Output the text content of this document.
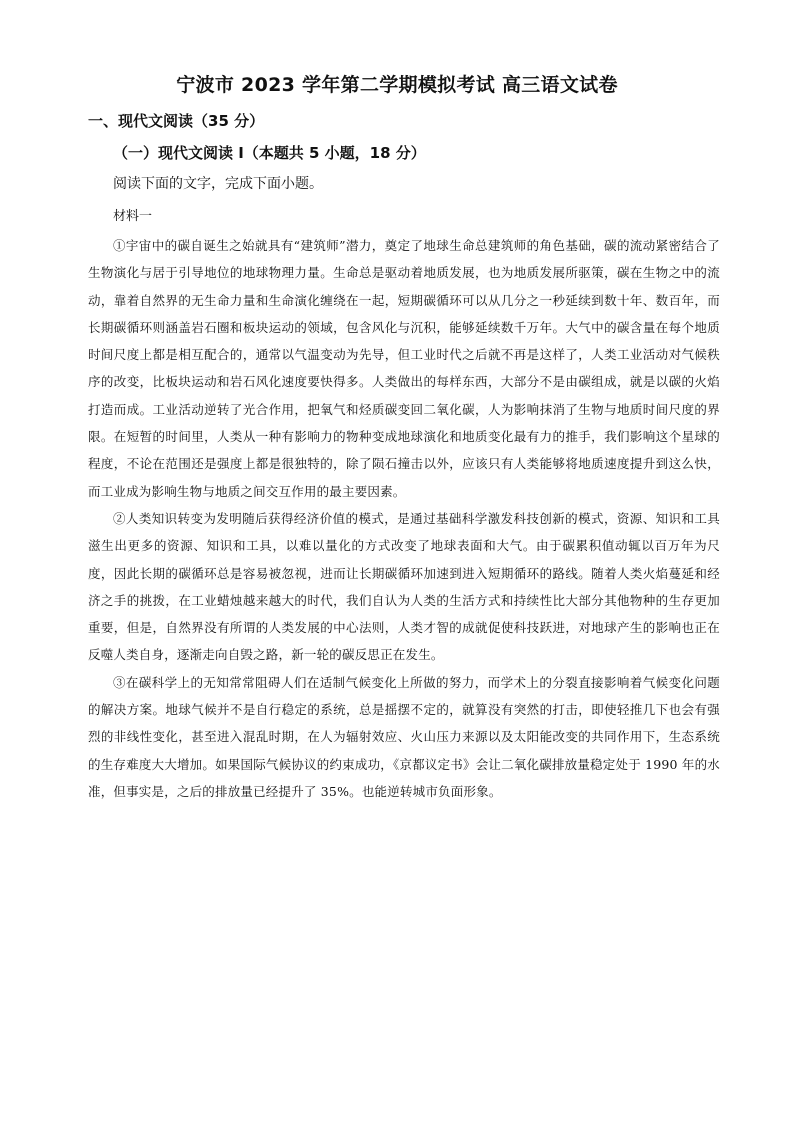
宁波市 2023 学年第二学期模拟考试 高三语文试卷
一、现代文阅读（35 分）
（一）现代文阅读 I（本题共 5 小题，18 分）
阅读下面的文字，完成下面小题。
材料一

①宇宙中的碳自诞生之始就具有“建筑师”潜力，奠定了地球生命总建筑师的角色基础，碳的流动紧密结合了生物演化与居于引导地位的地球物理力量。生命总是驱动着地质发展，也为地质发展所驱策，碳在生物之中的流动，靠着自然界的无生命力量和生命演化缠绕在一起，短期碳循环可以从几分之一秒延续到数十年、数百年，而长期碳循环则涵盖岩石圈和板块运动的领域，包含风化与沉积，能够延续数千万年。大气中的碳含量在每个地质时间尺度上都是相互配合的，通常以气温变动为先导，但工业时代之后就不再是这样了，人类工业活动对气候秩序的改变，比板块运动和岩石风化速度要快得多。人类做出的每样东西，大部分不是由碳组成，就是以碳的火焰打造而成。工业活动逆转了光合作用，把氧气和烃质碳变回二氧化碳，人为影响抹消了生物与地质时间尺度的界限。在短暂的时间里，人类从一种有影响力的物种变成地球演化和地质变化最有力的推手，我们影响这个星球的程度，不论在范围还是强度上都是很独特的，除了陨石撞击以外，应该只有人类能够将地质速度提升到这么快，而工业成为影响生物与地质之间交互作用的最主要因素。

②人类知识转变为发明随后获得经济价值的模式，是通过基础科学激发科技创新的模式，资源、知识和工具滋生出更多的资源、知识和工具，以难以量化的方式改变了地球表面和大气。由于碳累积值动辄以百万年为尺度，因此长期的碳循环总是容易被忽视，进而让长期碳循环加速到进入短期循环的路线。随着人类火焰蔓延和经济之手的挑拨，在工业蜡烛越来越大的时代，我们自认为人类的生活方式和持续性比大部分其他物种的生存更加重要，但是，自然界没有所谓的人类发展的中心法则，人类才智的成就促使科技跃进，对地球产生的影响也正在反噬人类自身，逐渐走向自毁之路，新一轮的碳反思正在发生。

③在碳科学上的无知常常阻碍人们在适制气候变化上所做的努力，而学术上的分裂直接影响着气候变化问题的解决方案。地球气候并不是自行稳定的系统，总是摇摆不定的，就算没有突然的打击，即使轻推几下也会有强烈的非线性变化，甚至进入混乱时期，在人为辐射效应、火山压力来源以及太阳能改变的共同作用下，生态系统的生存难度大大增加。如果国际气候协议的约束成功，《京都议定书》会让二氧化碳排放量稳定处于 1990 年的水准，但事实是，之后的排放量已经提升了 35%。也能逆转城市负面形象。
